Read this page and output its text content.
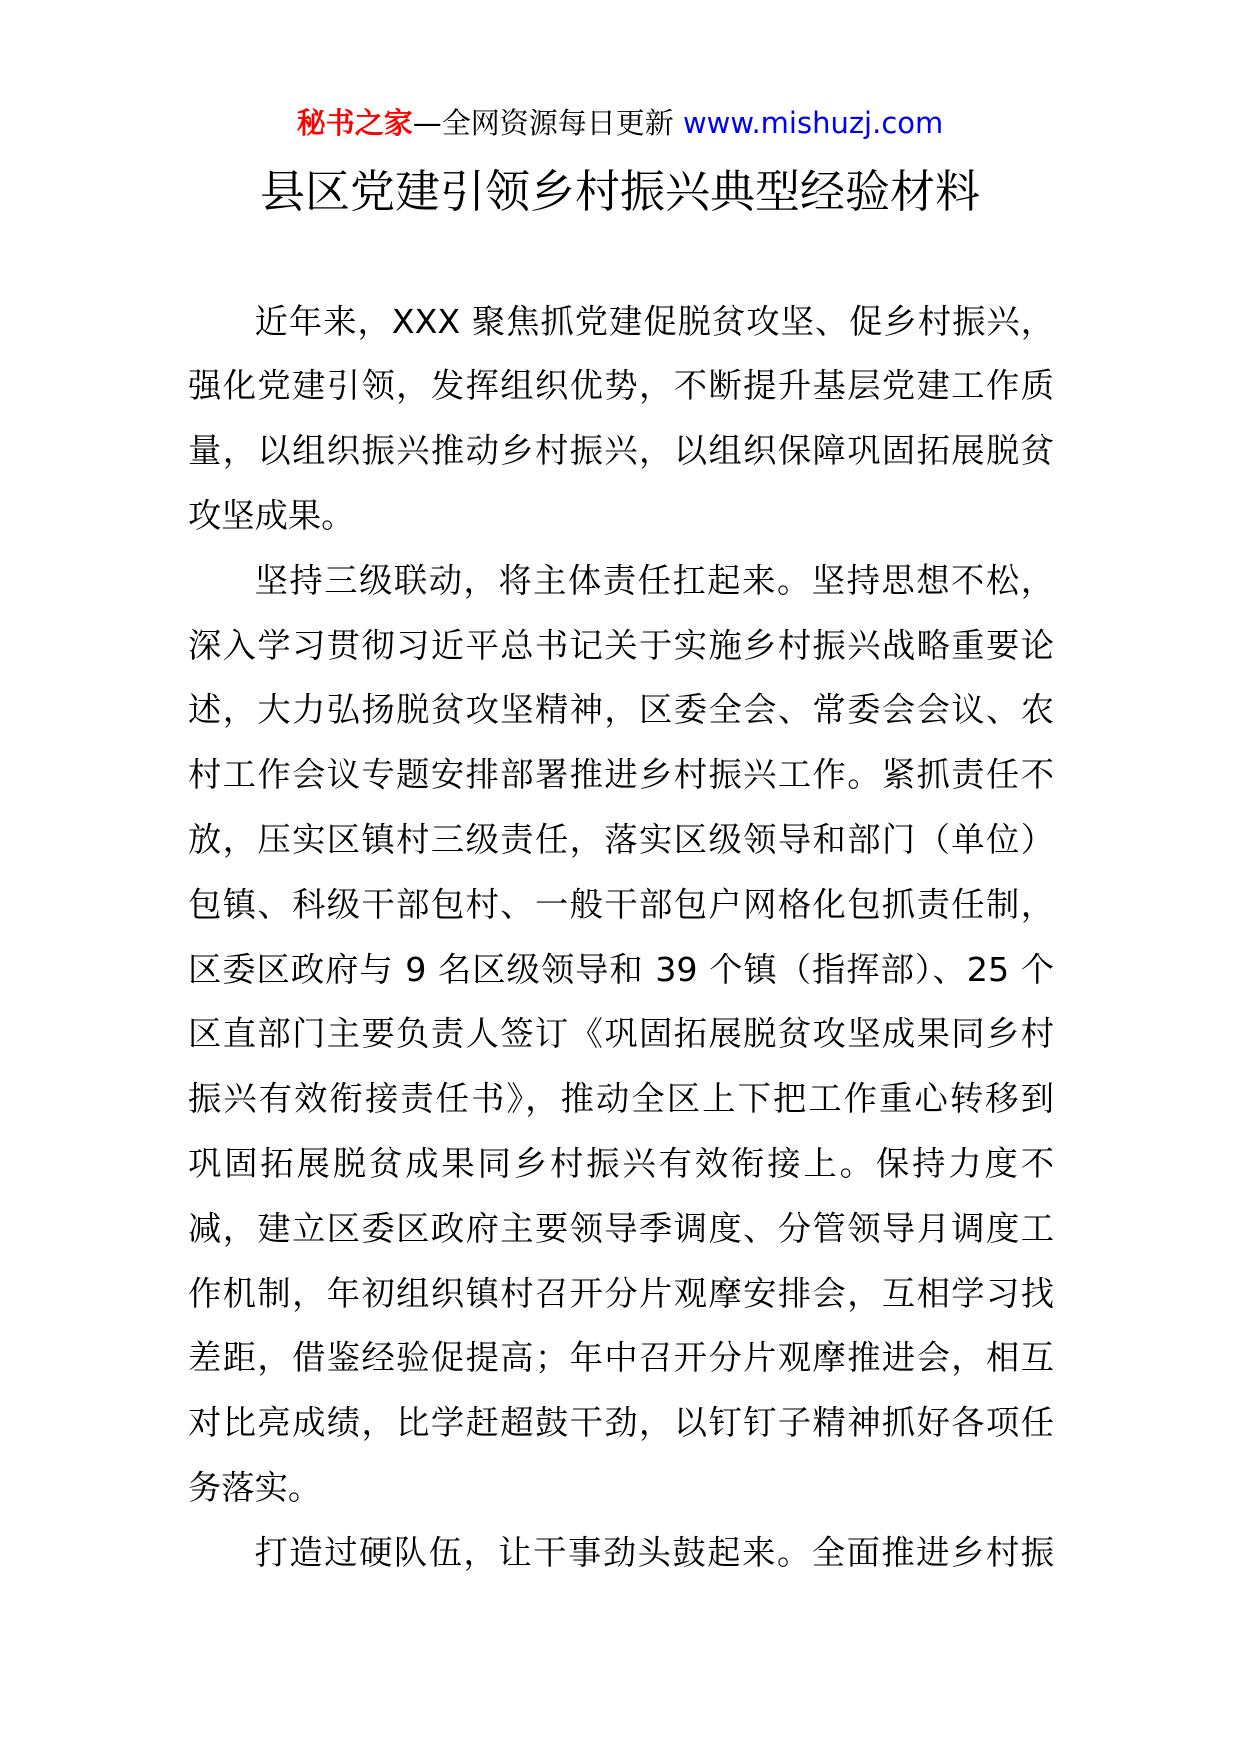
秘书之家—全网资源每日更新 www.mishuzj.com
县区党建引领乡村振兴典型经验材料
近年来，XXX 聚焦抓党建促脱贫攻坚、促乡村振兴，
强化党建引领，发挥组织优势，不断提升基层党建工作质
量，以组织振兴推动乡村振兴，以组织保障巩固拓展脱贫
攻坚成果。
坚持三级联动，将主体责任扛起来。坚持思想不松，
深入学习贯彻习近平总书记关于实施乡村振兴战略重要论
述，大力弘扬脱贫攻坚精神，区委全会、常委会会议、农
村工作会议专题安排部署推进乡村振兴工作。紧抓责任不
放，压实区镇村三级责任，落实区级领导和部门（单位）
包镇、科级干部包村、一般干部包户网格化包抓责任制，
区委区政府与 9 名区级领导和 39 个镇（指挥部）、25 个
区直部门主要负责人签订《巩固拓展脱贫攻坚成果同乡村
振兴有效衔接责任书》，推动全区上下把工作重心转移到
巩固拓展脱贫成果同乡村振兴有效衔接上。保持力度不
减，建立区委区政府主要领导季调度、分管领导月调度工
作机制，年初组织镇村召开分片观摩安排会，互相学习找
差距，借鉴经验促提高；年中召开分片观摩推进会，相互
对比亮成绩，比学赶超鼓干劲，以钉钉子精神抓好各项任
务落实。
打造过硬队伍，让干事劲头鼓起来。全面推进乡村振
